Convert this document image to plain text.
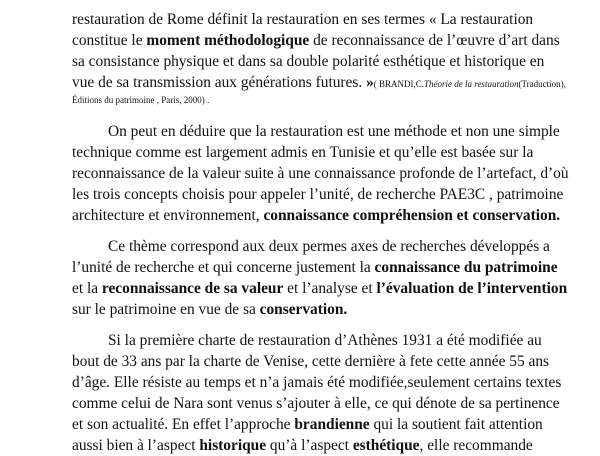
restauration de Rome définit la restauration en ses termes « La restauration
constitue le moment méthodologique de reconnaissance de l’œuvre d’art dans
sa consistance physique et dans sa double polarité esthétique et historique en
vue de sa transmission aux générations futures. »( BRANDI,C.Théorie de la restauration(Traduction),
Éditions du patrimoine , Paris, 2000) .
On peut en déduire que la restauration est une méthode et non une simple
technique comme est largement admis en Tunisie et qu’elle est basée sur la
reconnaissance de la valeur suite à une connaissance profonde de l’artefact, d’où
les trois concepts choisis pour appeler l’unité, de recherche PAE3C , patrimoine
architecture et environnement, connaissance compréhension et conservation.
Ce thème correspond aux deux permes axes de recherches développés a
l’unité de recherche et qui concerne justement la connaissance du patrimoine
et la reconnaissance de sa valeur et l’analyse et l’évaluation de l’intervention
sur le patrimoine en vue de sa conservation.
Si la première charte de restauration d’Athènes 1931 a été modifiée au
bout de 33 ans par la charte de Venise, cette dernière à fete cette année 55 ans
d’âge. Elle résiste au temps et n’a jamais été modifiée,seulement certains textes
comme celui de Nara sont venus s’ajouter à elle, ce qui dénote de sa pertinence
et son actualité. En effet l’approche brandienne qui la soutient fait attention
aussi bien à l’aspect historique qu’à l’aspect esthétique, elle recommande
